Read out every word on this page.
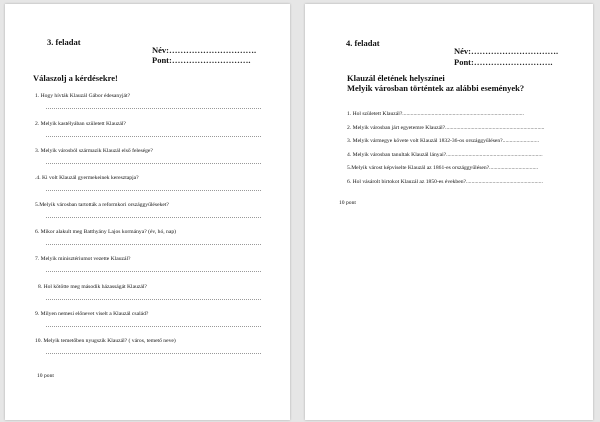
1. Hogy hívták Klauzál Gábor édesanyját?
2. Melyik kastélyában született Klauzál?
3. Melyik városból származik Klauzál első felesége?
.4. Ki volt Klauzál gyermekeinek keresztapja?
5.Melyik városban tartották a reformkori országgyűléseket?
6. Mikor alakult meg Batthyány Lajos kormánya? (év, hó, nap)
7. Melyik minisztériumot vezette Klauzál?
8. Hol kötötte meg második házasságát Klauzál?
9. Milyen nemesi előnevet viselt a Klauzál család?
10. Melyik temetőben nyugszik Klauzál? ( város, temető neve)
1. Hol született Klauzál?.......................................................................................
2. Melyik városban járt egyetemre Klauzál?.......................................................................
3. Melyik vármegye követe volt Klauzál 1832-36-os országgyűlésen?..........................
4. Melyik városban tanultak Klauzál lányai?.....................................................................
5.Melyik várost képviselte Klauzál az 1861-es országgyűlésen?...................................
6. Hol vásárolt birtokot Klauzál az 1850-es években?.......................................................
3. feladat
Név:………………………….
Pont:……………………….
Válaszolj a kérdésekre!
10 pont
4. feladat
Név:………………………….
Pont:……………………….
Klauzál életének helyszínei
Melyik városban történtek az alábbi események?
10 pont
